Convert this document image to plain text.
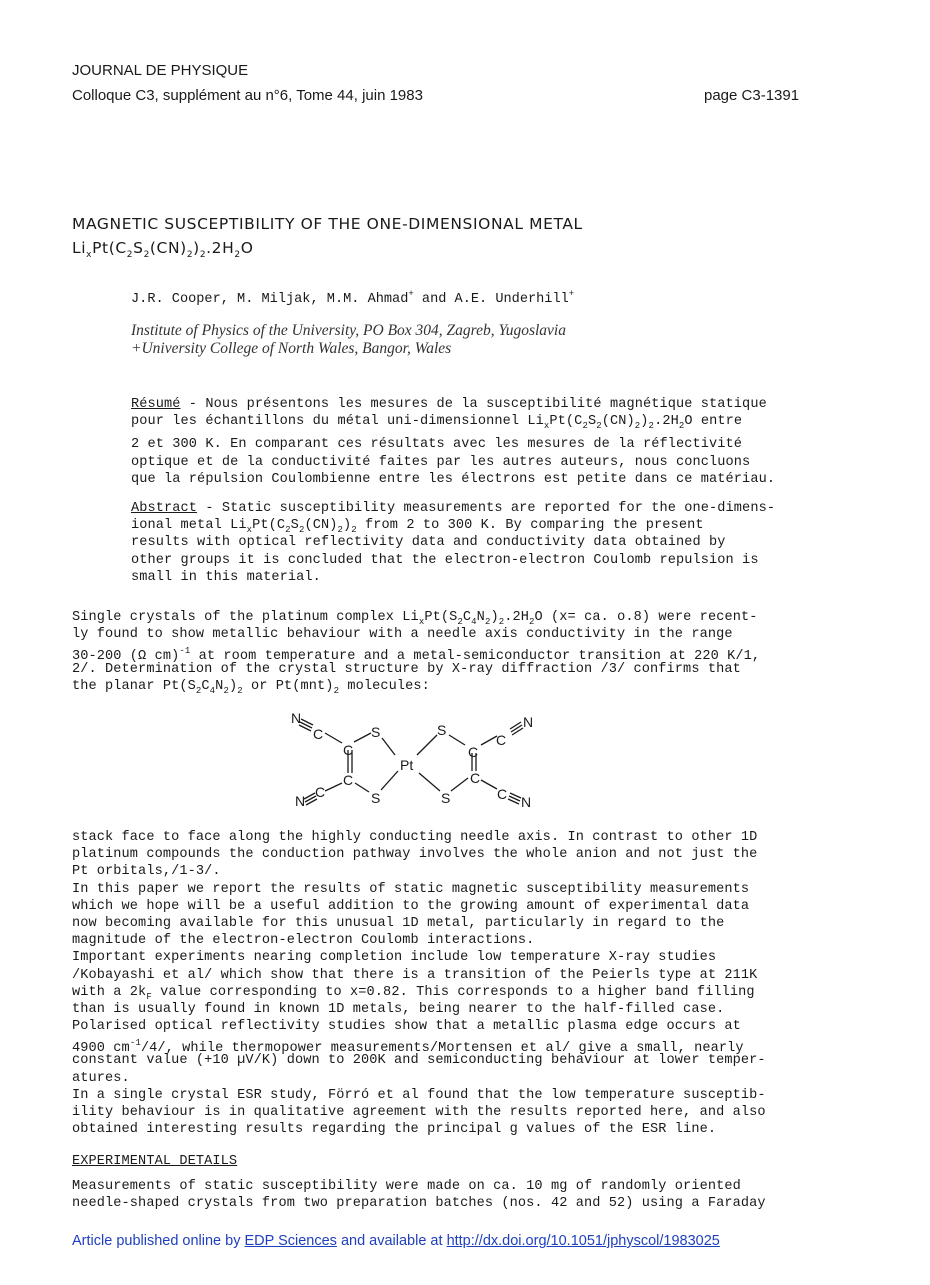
JOURNAL DE PHYSIQUE
Colloque C3, supplément au n°6, Tome 44, juin 1983	page C3-1391
MAGNETIC SUSCEPTIBILITY OF THE ONE-DIMENSIONAL METAL
$Li_xPt(C_2S_2(CN)_2)_2.2H_2O$
J.R. Cooper, M. Miljak, M.M. Ahmad+ and A.E. Underhill+
Institute of Physics of the University, PO Box 304, Zagreb, Yugoslavia
+University College of North Wales, Bangor, Wales
Résumé - Nous présentons les mesures de la susceptibilité magnétique statique
pour les échantillons du métal uni-dimensionnel $Li_xPt(C_2S_2(CN)_2)_2.2H_2O$ entre
2 et 300 K. En comparant ces résultats avec les mesures de la réflectivité
optique et de la conductivité faites par les autres auteurs, nous concluons
que la répulsion Coulombienne entre les électrons est petite dans ce matériau.
Abstract - Static susceptibility measurements are reported for the one-dimens-
ional metal $Li_xPt(C_2S_2(CN)_2)_2$ from 2 to 300 K. By comparing the present
results with optical reflectivity data and conductivity data obtained by
other groups it is concluded that the electron-electron Coulomb repulsion is
small in this material.
Single crystals of the platinum complex $Li_xPt(S_2C_4N_2)_2.2H_2O$ (x= ca. o.8) were recent-
ly found to show metallic behaviour with a needle axis conductivity in the range
30-200 (Ω cm)$^{-1}$ at room temperature and a metal-semiconductor transition at 220 K/1,
2/. Determination of the crystal structure by X-ray diffraction /3/ confirms that
the planar $Pt(S_2C_4N_2)_2$ or $Pt(mnt)_2$ molecules:
N
C
C
S
C
C
N	S
Pt
S
C
C
N
C
S	C N
stack face to face along the highly conducting needle axis. In contrast to other 1D
platinum compounds the conduction pathway involves the whole anion and not just the
Pt orbitals,/1-3/.
In this paper we report the results of static magnetic susceptibility measurements
which we hope will be a useful addition to the growing amount of experimental data
now becoming available for this unusual 1D metal, particularly in regard to the
magnitude of the electron-electron Coulomb interactions.
Important experiments nearing completion include low temperature X-ray studies
/Kobayashi et al/ which show that there is a transition of the Peierls type at 211K
with a $2k_F$ value corresponding to x=0.82. This corresponds to a higher band filling
than is usually found in known 1D metals, being nearer to the half-filled case.
Polarised optical reflectivity studies show that a metallic plasma edge occurs at
4900 $cm^{-1}/4/$, while thermopower measurements/Mortensen et al/ give a small, nearly
constant value (+10 µV/K) down to 200K and semiconducting behaviour at lower temper-
atures.
In a single crystal ESR study, Förró et al found that the low temperature susceptib-
ility behaviour is in qualitative agreement with the results reported here, and also
obtained interesting results regarding the principal g values of the ESR line.
EXPERIMENTAL DETAILS
Measurements of static susceptibility were made on ca. 10 mg of randomly oriented
needle-shaped crystals from two preparation batches (nos. 42 and 52) using a Faraday
Article published online by EDP Sciences and available at http://dx.doi.org/10.1051/jphyscol/1983025
